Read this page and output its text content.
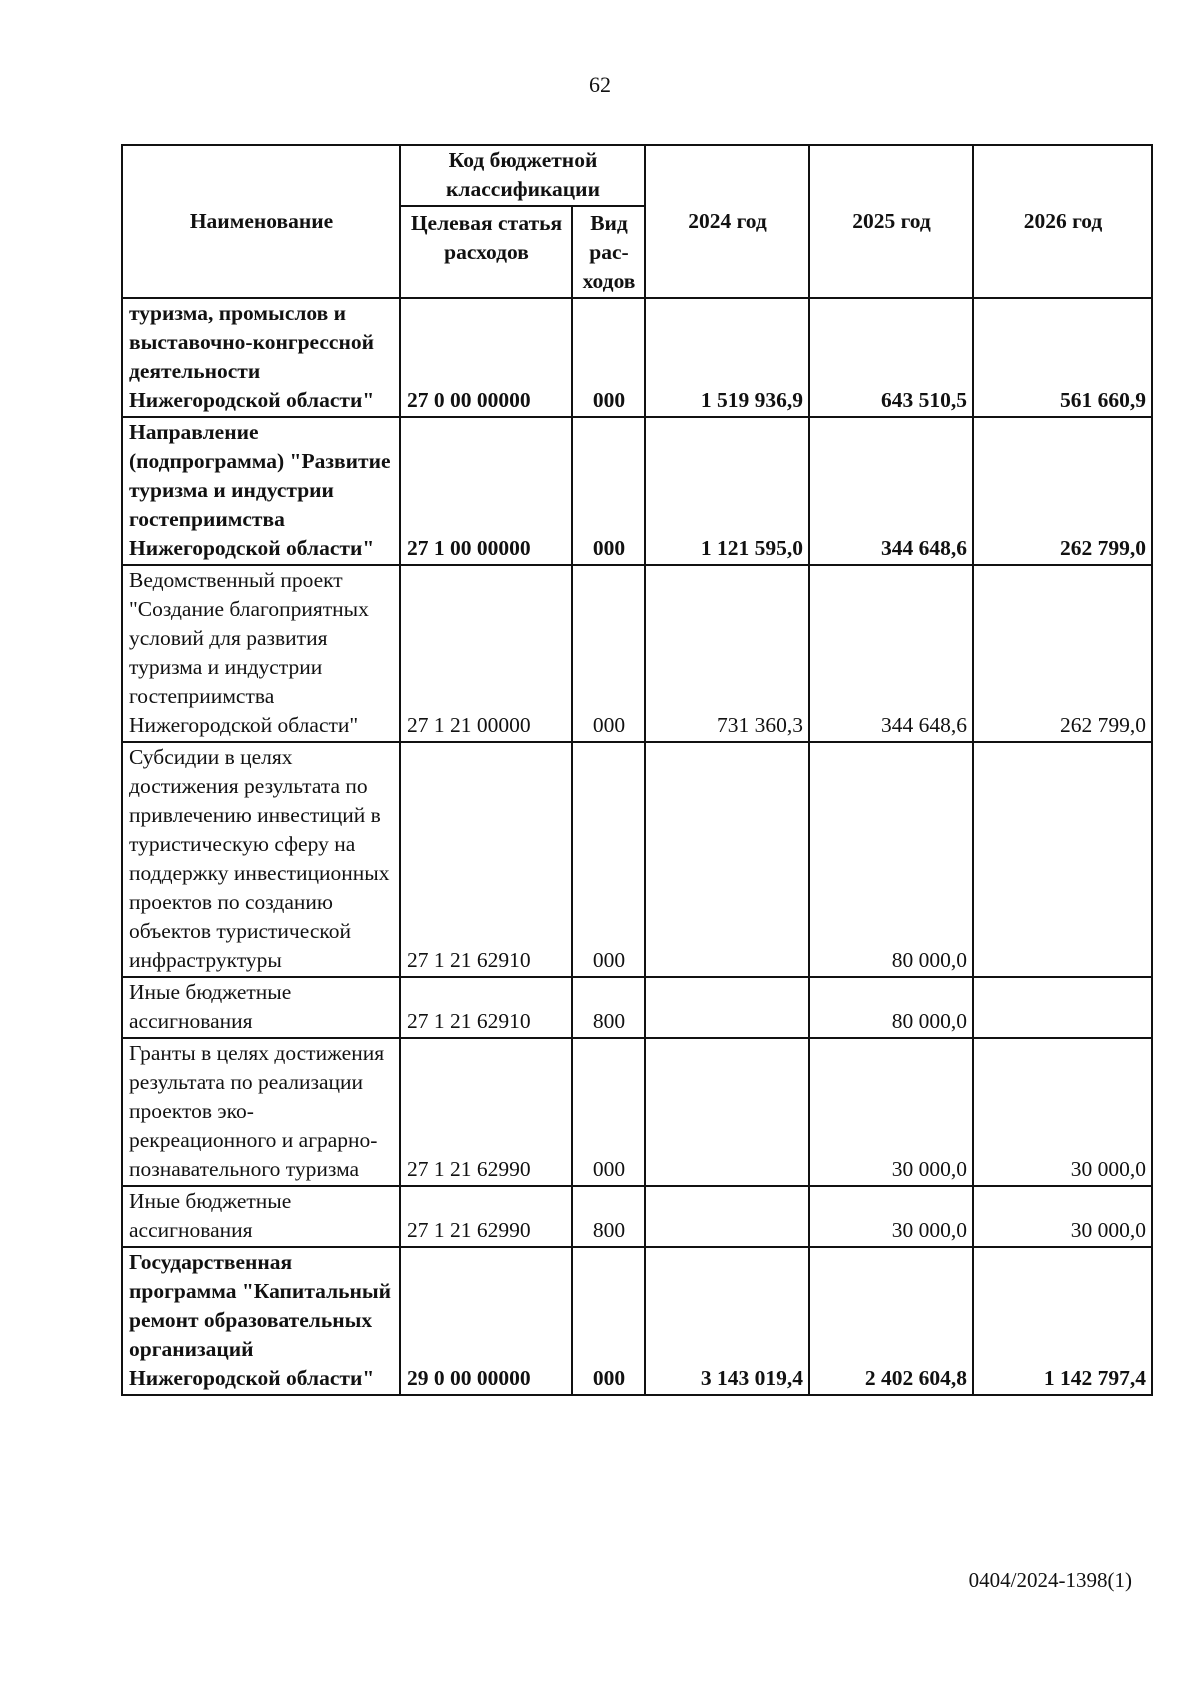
62
Наименование	Код бюджетной классификации		2024 год	2025 год	2026 год
	Целевая статья расходов	Вид рас-ходов			
туризма, промыслов и выставочно-конгрессной деятельности Нижегородской области"	27 0 00 00000	000	1 519 936,9	643 510,5	561 660,9
Направление (подпрограмма) "Развитие туризма и индустрии гостеприимства Нижегородской области"	27 1 00 00000	000	1 121 595,0	344 648,6	262 799,0
Ведомственный проект "Создание благоприятных условий для развития туризма и индустрии гостеприимства Нижегородской области"	27 1 21 00000	000	731 360,3	344 648,6	262 799,0
Субсидии в целях достижения результата по привлечению инвестиций в туристическую сферу на поддержку инвестиционных проектов по созданию объектов туристической инфраструктуры	27 1 21 62910	000		80 000,0	
Иные бюджетные ассигнования	27 1 21 62910	800		80 000,0	
Гранты в целях достижения результата по реализации проектов эко-рекреационного и аграрно-познавательного туризма	27 1 21 62990	000		30 000,0	30 000,0
Иные бюджетные ассигнования	27 1 21 62990	800		30 000,0	30 000,0
Государственная программа "Капитальный ремонт образовательных организаций Нижегородской области"	29 0 00 00000	000	3 143 019,4	2 402 604,8	1 142 797,4
0404/2024-1398(1)
